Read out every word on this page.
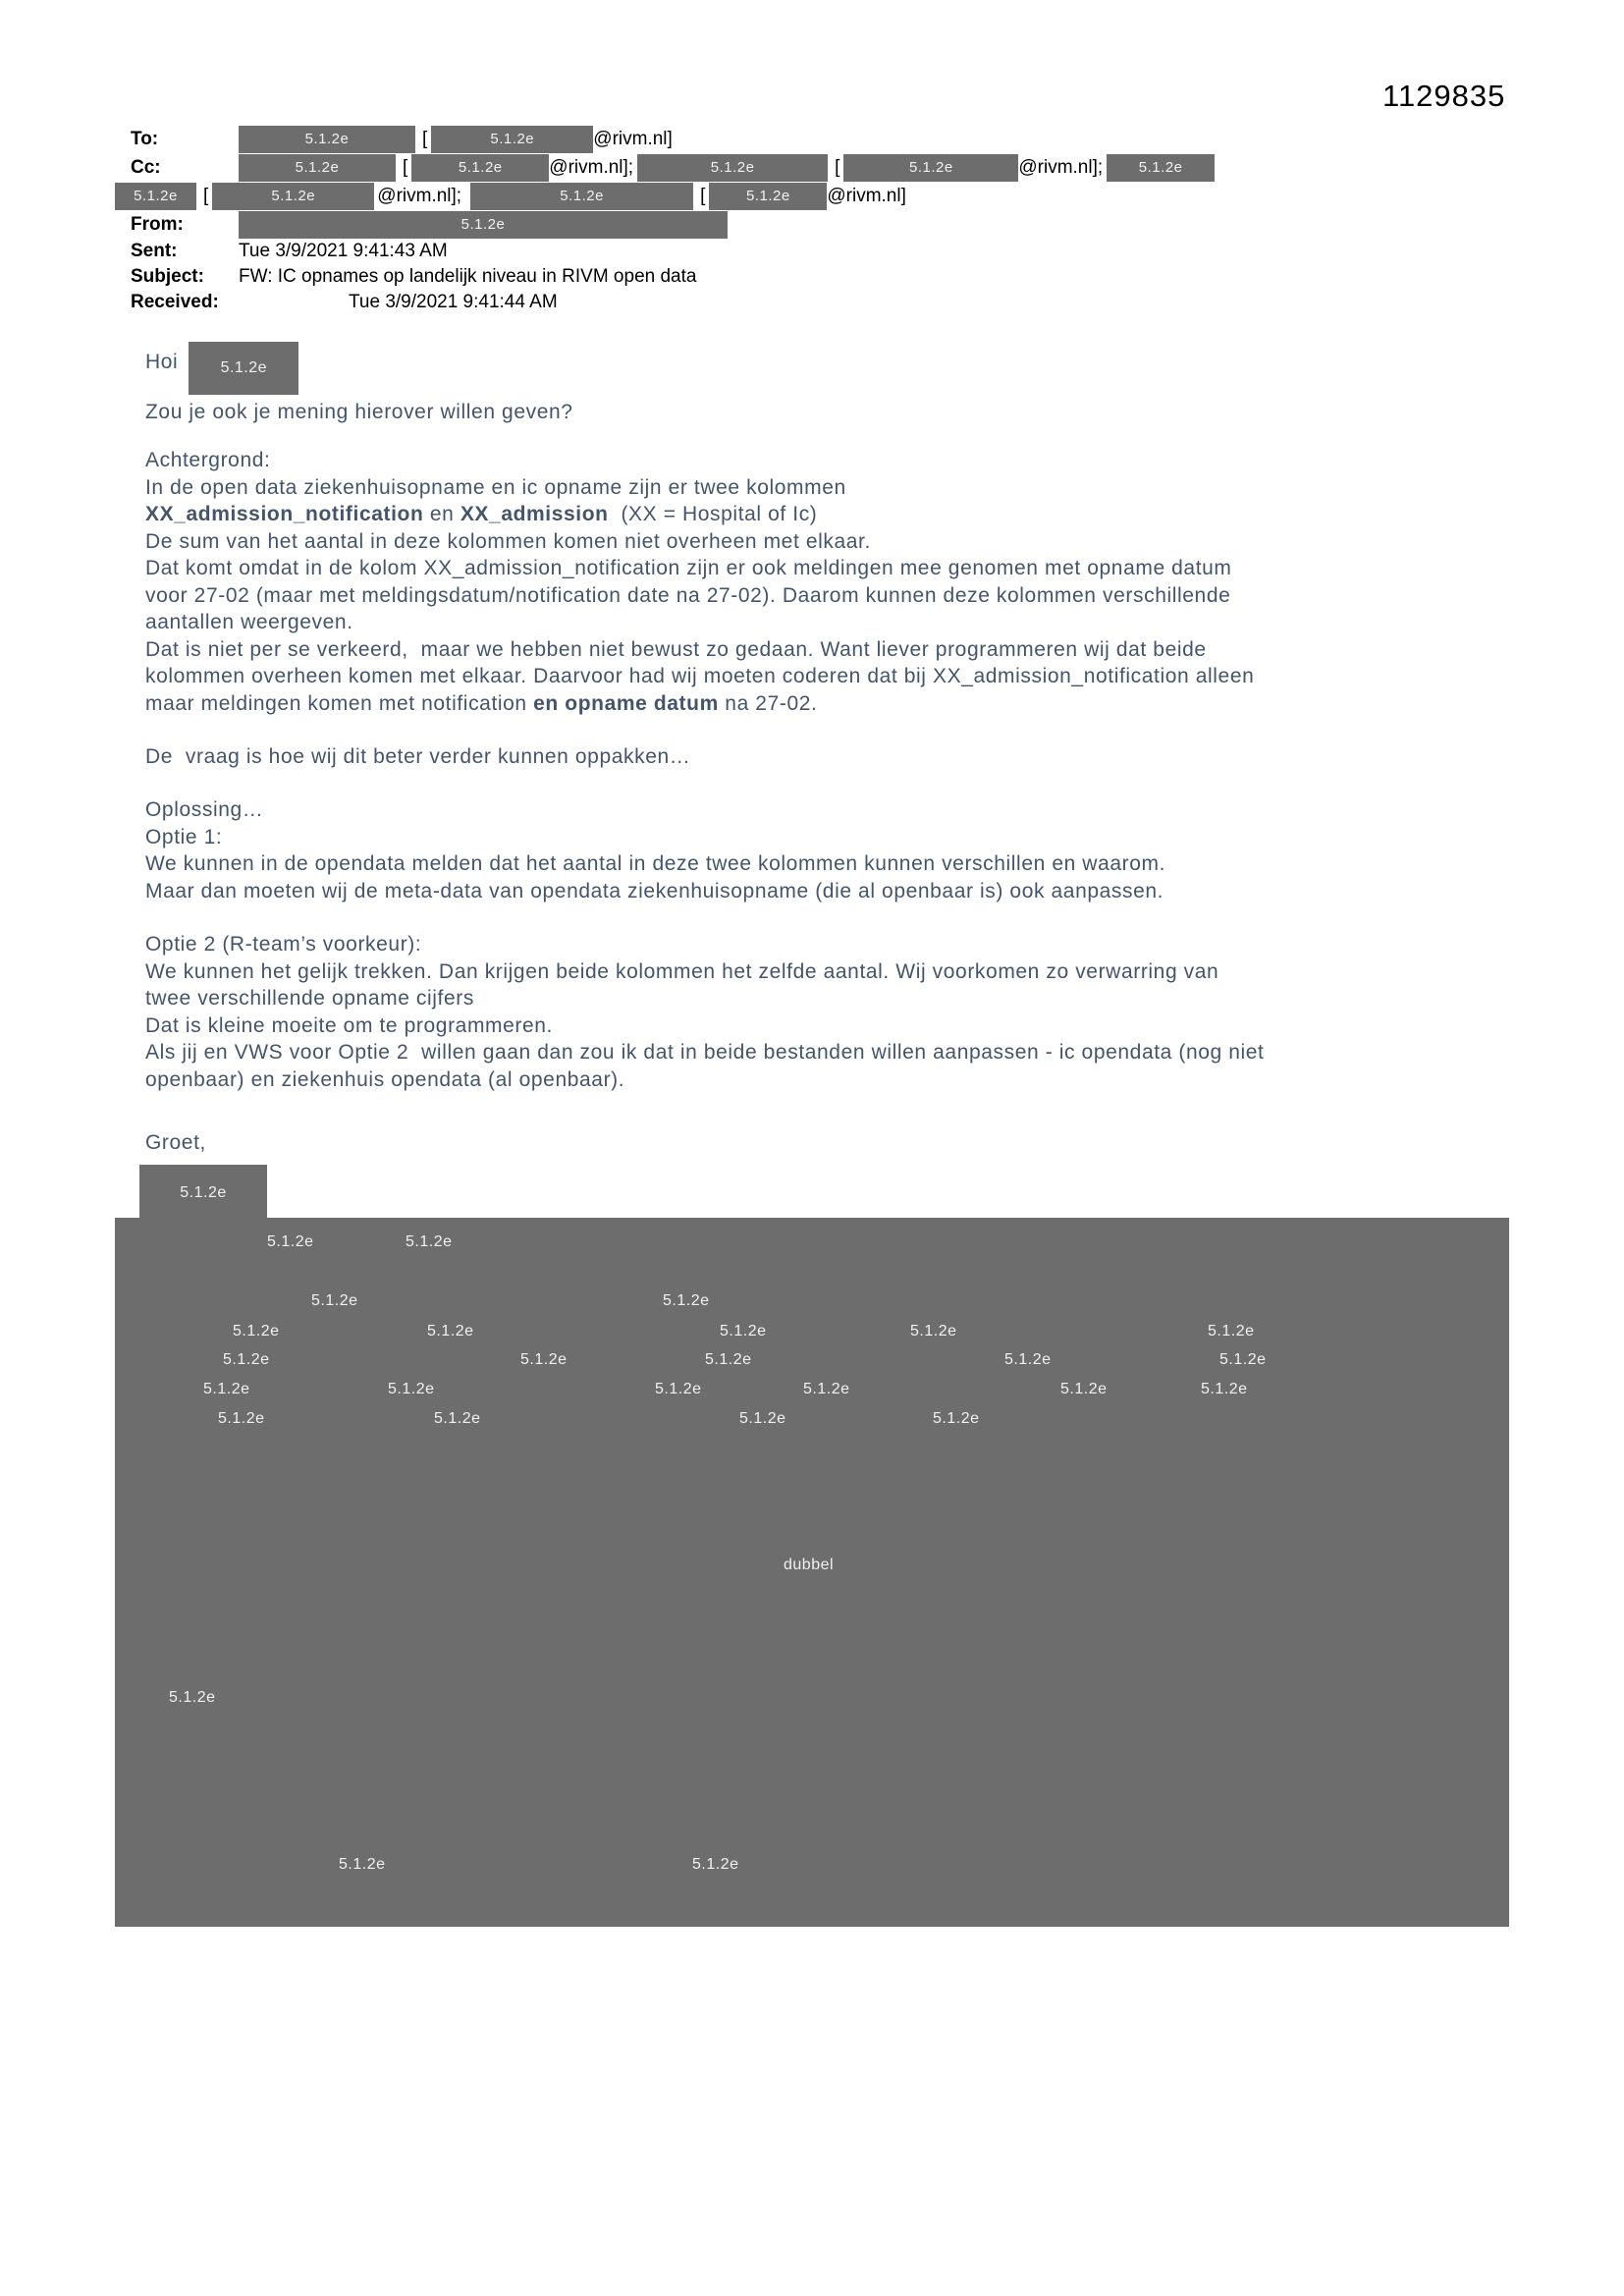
1129835
To:	5.1.2e	[	5.1.2e	@rivm.nl]
Cc:	5.1.2e	[	5.1.2e	@rivm.nl];	5.1.2e	[	5.1.2e	@rivm.nl];	5.1.2e
5.1.2e	[	5.1.2e	@rivm.nl];	5.1.2e	[	5.1.2e	@rivm.nl]
From:	5.1.2e
Sent:	Tue 3/9/2021 9:41:43 AM
Subject:	FW: IC opnames op landelijk niveau in RIVM open data
Received:	Tue 3/9/2021 9:41:44 AM
Hoi	5.1.2e
Zou je ook je mening hierover willen geven?
Achtergrond:
In de open data ziekenhuisopname en ic opname zijn er twee kolommen
XX_admission_notification en XX_admission  (XX = Hospital of Ic)
De sum van het aantal in deze kolommen komen niet overheen met elkaar.
Dat komt omdat in de kolom XX_admission_notification zijn er ook meldingen mee genomen met opname datum
voor 27-02 (maar met meldingsdatum/notification date na 27-02). Daarom kunnen deze kolommen verschillende
aantallen weergeven.
Dat is niet per se verkeerd,  maar we hebben niet bewust zo gedaan. Want liever programmeren wij dat beide
kolommen overheen komen met elkaar. Daarvoor had wij moeten coderen dat bij XX_admission_notification alleen
maar meldingen komen met notification en opname datum na 27-02.
De  vraag is hoe wij dit beter verder kunnen oppakken…
Oplossing…
Optie 1:
We kunnen in de opendata melden dat het aantal in deze twee kolommen kunnen verschillen en waarom.
Maar dan moeten wij de meta-data van opendata ziekenhuisopname (die al openbaar is) ook aanpassen.
Optie 2 (R-team’s voorkeur):
We kunnen het gelijk trekken. Dan krijgen beide kolommen het zelfde aantal. Wij voorkomen zo verwarring van
twee verschillende opname cijfers
Dat is kleine moeite om te programmeren.
Als jij en VWS voor Optie 2  willen gaan dan zou ik dat in beide bestanden willen aanpassen - ic opendata (nog niet
openbaar) en ziekenhuis opendata (al openbaar).
Groet,
5.1.2e
5.1.2e	5.1.2e
5.1.2e	5.1.2e
5.1.2e	5.1.2e	5.1.2e	5.1.2e	5.1.2e
5.1.2e	5.1.2e	5.1.2e	5.1.2e	5.1.2e
5.1.2e	5.1.2e	5.1.2e	5.1.2e	5.1.2e	5.1.2e
5.1.2e	5.1.2e	5.1.2e	5.1.2e
5.1.2e
5.1.2e	5.1.2e
dubbel
